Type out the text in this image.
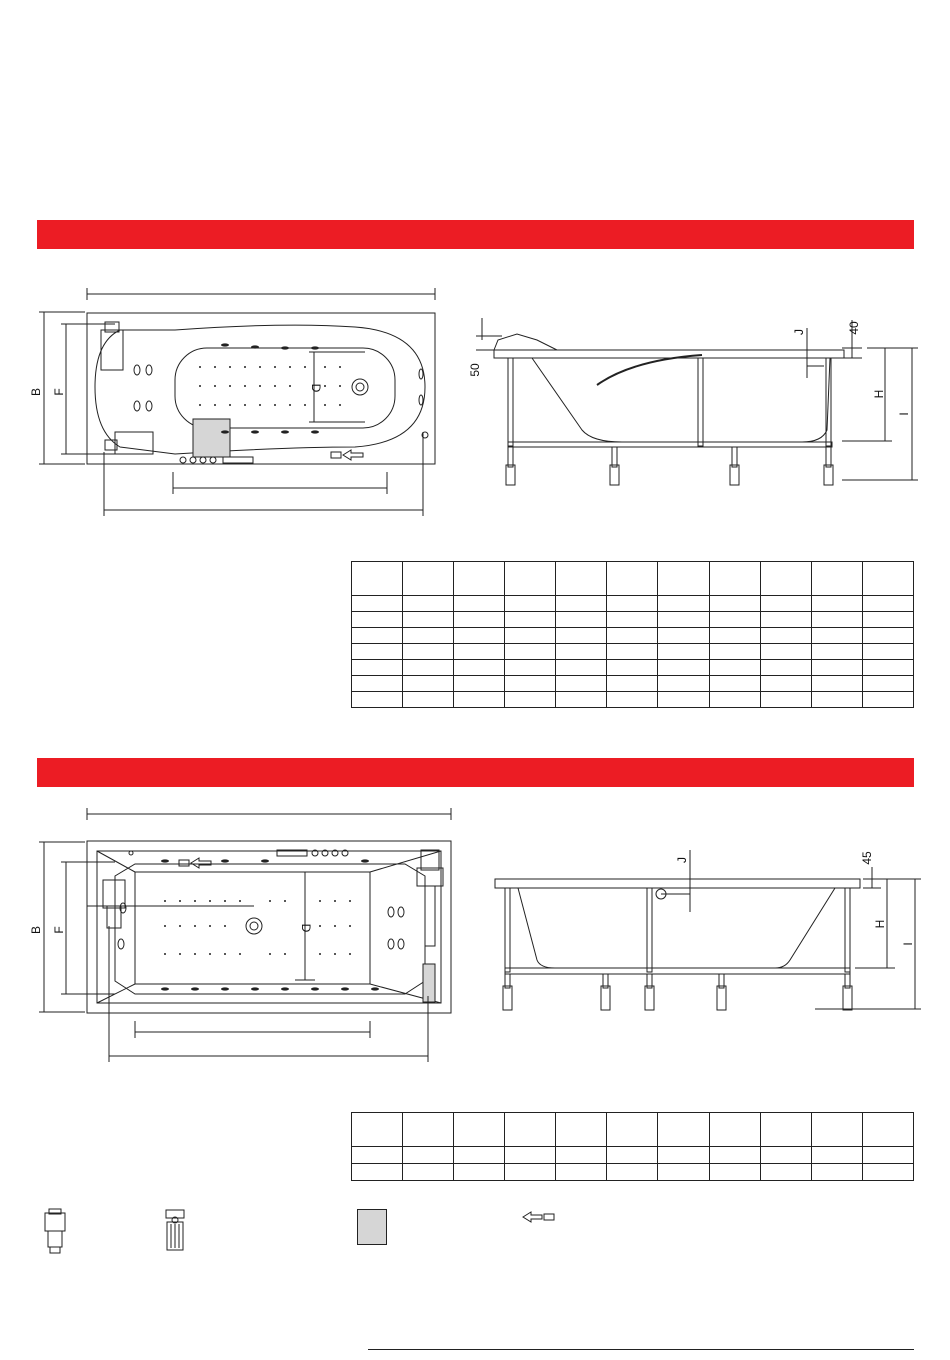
B F	D
50
J	40
H
I

B F	D
J	45
H
I
